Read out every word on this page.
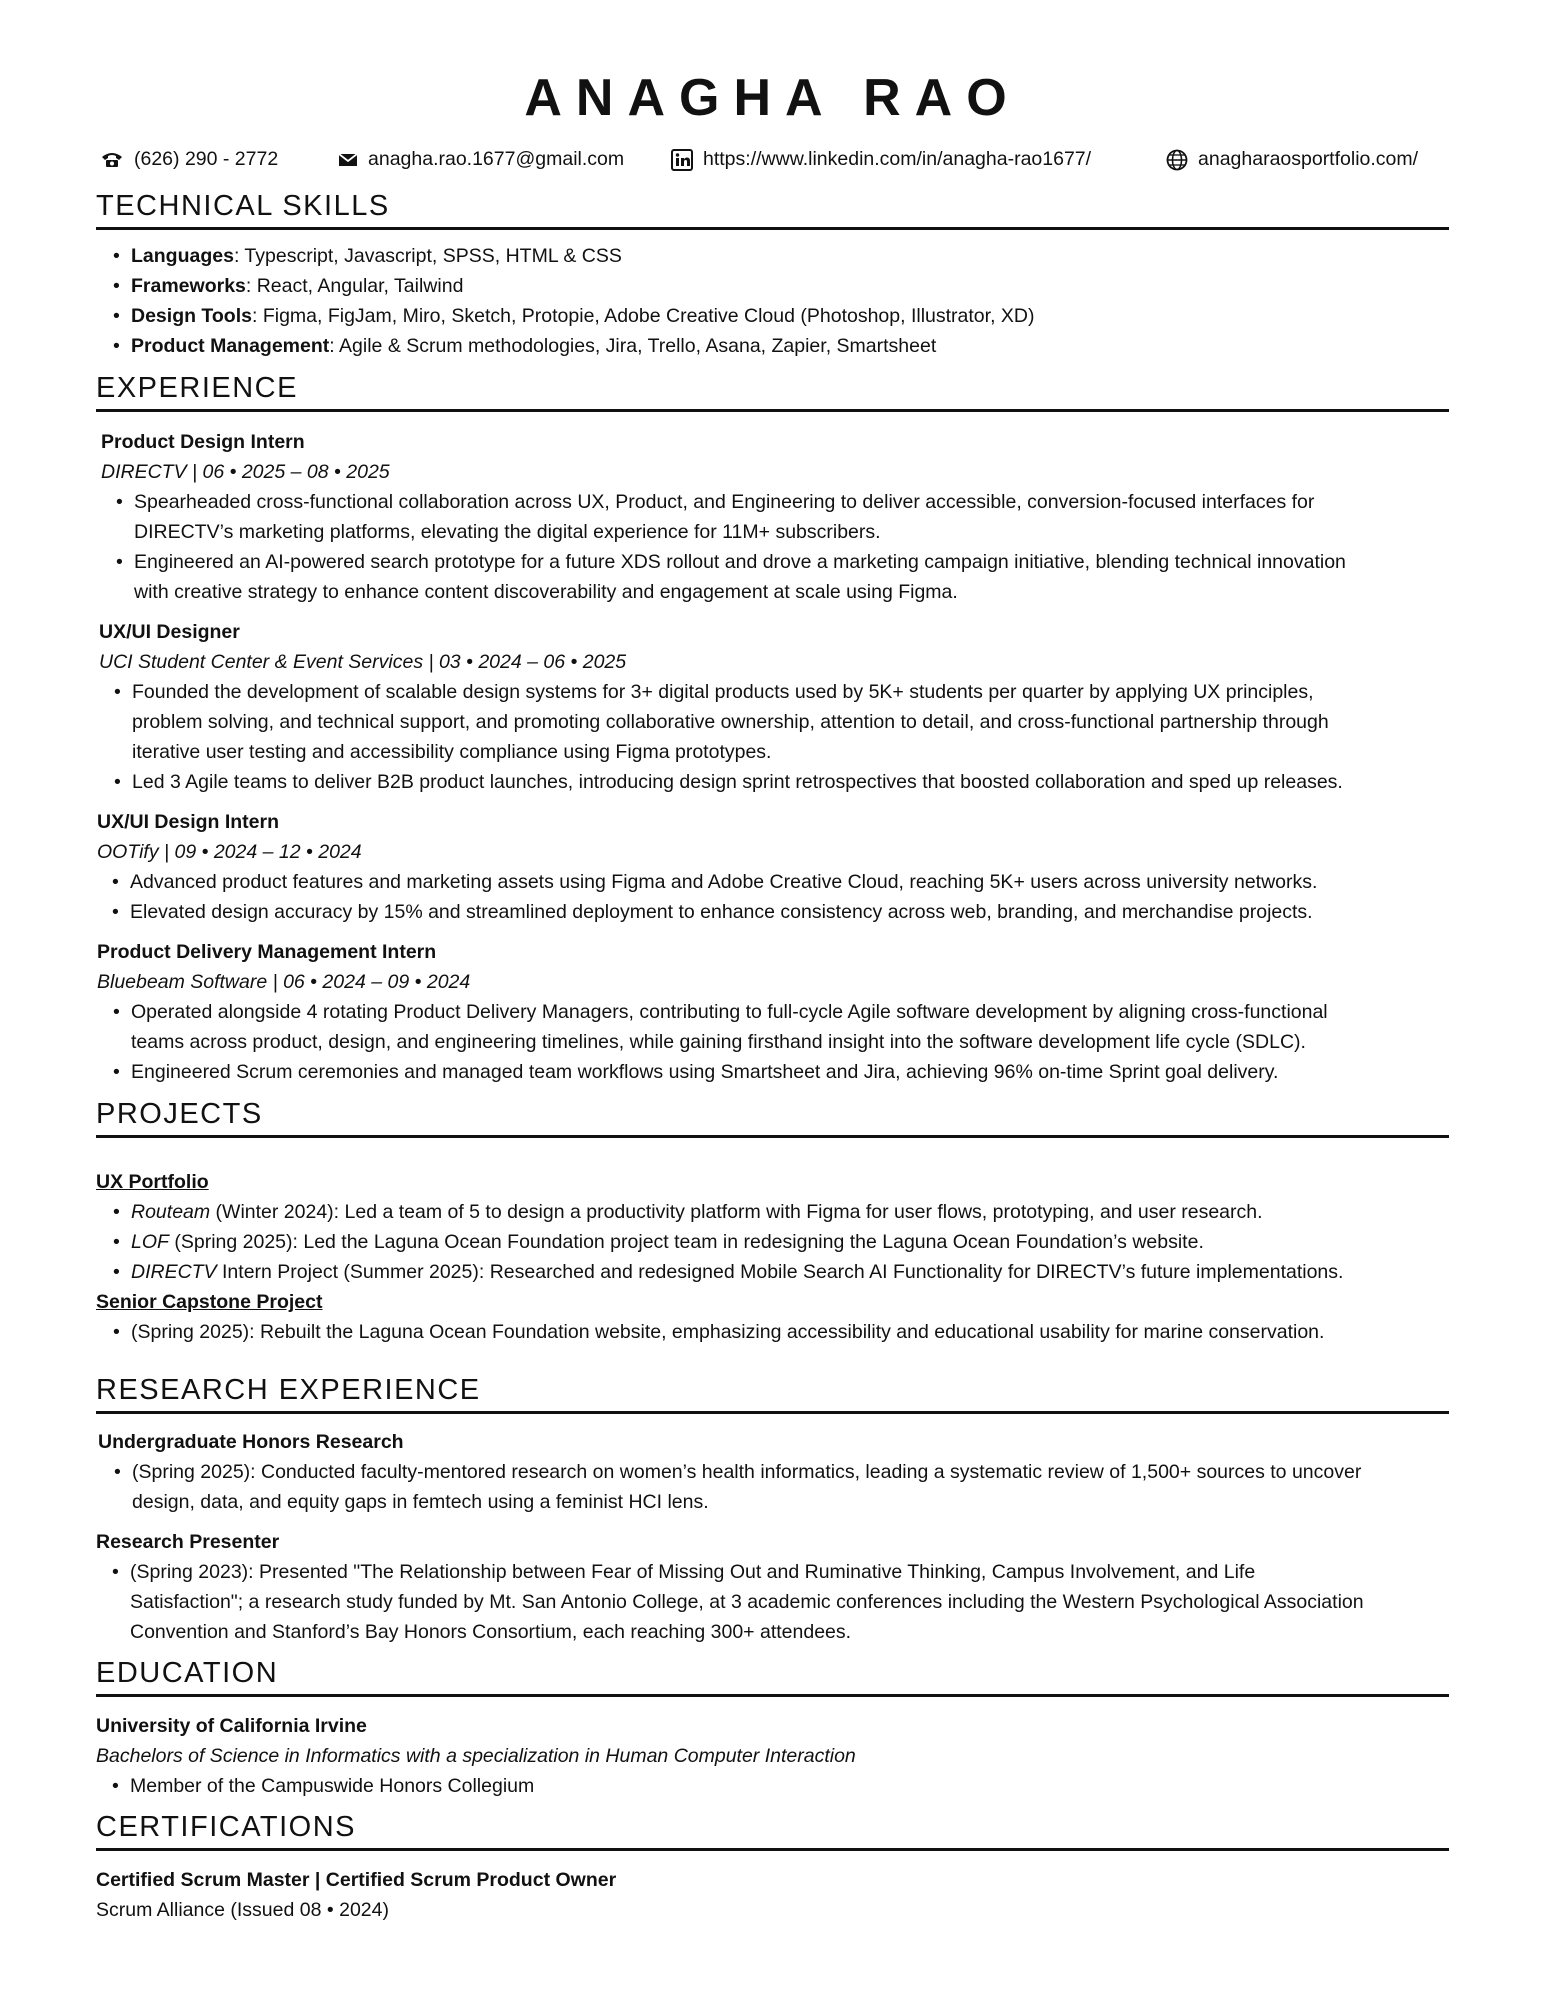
ANAGHA RAO
(626) 290 - 2772	anagha.rao.1677@gmail.com	https://www.linkedin.com/in/anagha-rao1677/	anagharaosportfolio.com/
TECHNICAL SKILLS
• Languages: Typescript, Javascript, SPSS, HTML & CSS
• Frameworks: React, Angular, Tailwind
• Design Tools: Figma, FigJam, Miro, Sketch, Protopie, Adobe Creative Cloud (Photoshop, Illustrator, XD)
• Product Management: Agile & Scrum methodologies, Jira, Trello, Asana, Zapier, Smartsheet
EXPERIENCE
Product Design Intern
DIRECTV | 06 • 2025 – 08 • 2025
• Spearheaded cross-functional collaboration across UX, Product, and Engineering to deliver accessible, conversion-focused interfaces for
DIRECTV’s marketing platforms, elevating the digital experience for 11M+ subscribers.
• Engineered an AI-powered search prototype for a future XDS rollout and drove a marketing campaign initiative, blending technical innovation
with creative strategy to enhance content discoverability and engagement at scale using Figma.
UX/UI Designer
UCI Student Center & Event Services | 03 • 2024 – 06 • 2025
• Founded the development of scalable design systems for 3+ digital products used by 5K+ students per quarter by applying UX principles,
problem solving, and technical support, and promoting collaborative ownership, attention to detail, and cross-functional partnership through
iterative user testing and accessibility compliance using Figma prototypes.
• Led 3 Agile teams to deliver B2B product launches, introducing design sprint retrospectives that boosted collaboration and sped up releases.
UX/UI Design Intern
OOTify | 09 • 2024 – 12 • 2024
• Advanced product features and marketing assets using Figma and Adobe Creative Cloud, reaching 5K+ users across university networks.
• Elevated design accuracy by 15% and streamlined deployment to enhance consistency across web, branding, and merchandise projects.
Product Delivery Management Intern
Bluebeam Software | 06 • 2024 – 09 • 2024
• Operated alongside 4 rotating Product Delivery Managers, contributing to full-cycle Agile software development by aligning cross-functional
teams across product, design, and engineering timelines, while gaining firsthand insight into the software development life cycle (SDLC).
• Engineered Scrum ceremonies and managed team workflows using Smartsheet and Jira, achieving 96% on-time Sprint goal delivery.
PROJECTS
UX Portfolio
• Routeam (Winter 2024): Led a team of 5 to design a productivity platform with Figma for user flows, prototyping, and user research.
• LOF (Spring 2025): Led the Laguna Ocean Foundation project team in redesigning the Laguna Ocean Foundation’s website.
• DIRECTV Intern Project (Summer 2025): Researched and redesigned Mobile Search AI Functionality for DIRECTV’s future implementations.
Senior Capstone Project
• (Spring 2025): Rebuilt the Laguna Ocean Foundation website, emphasizing accessibility and educational usability for marine conservation.
RESEARCH EXPERIENCE
Undergraduate Honors Research
• (Spring 2025): Conducted faculty-mentored research on women’s health informatics, leading a systematic review of 1,500+ sources to uncover
design, data, and equity gaps in femtech using a feminist HCI lens.
Research Presenter
• (Spring 2023): Presented "The Relationship between Fear of Missing Out and Ruminative Thinking, Campus Involvement, and Life
Satisfaction"; a research study funded by Mt. San Antonio College, at 3 academic conferences including the Western Psychological Association
Convention and Stanford’s Bay Honors Consortium, each reaching 300+ attendees.
EDUCATION
University of California Irvine
Bachelors of Science in Informatics with a specialization in Human Computer Interaction
• Member of the Campuswide Honors Collegium
CERTIFICATIONS
Certified Scrum Master | Certified Scrum Product Owner
Scrum Alliance (Issued 08 • 2024)
